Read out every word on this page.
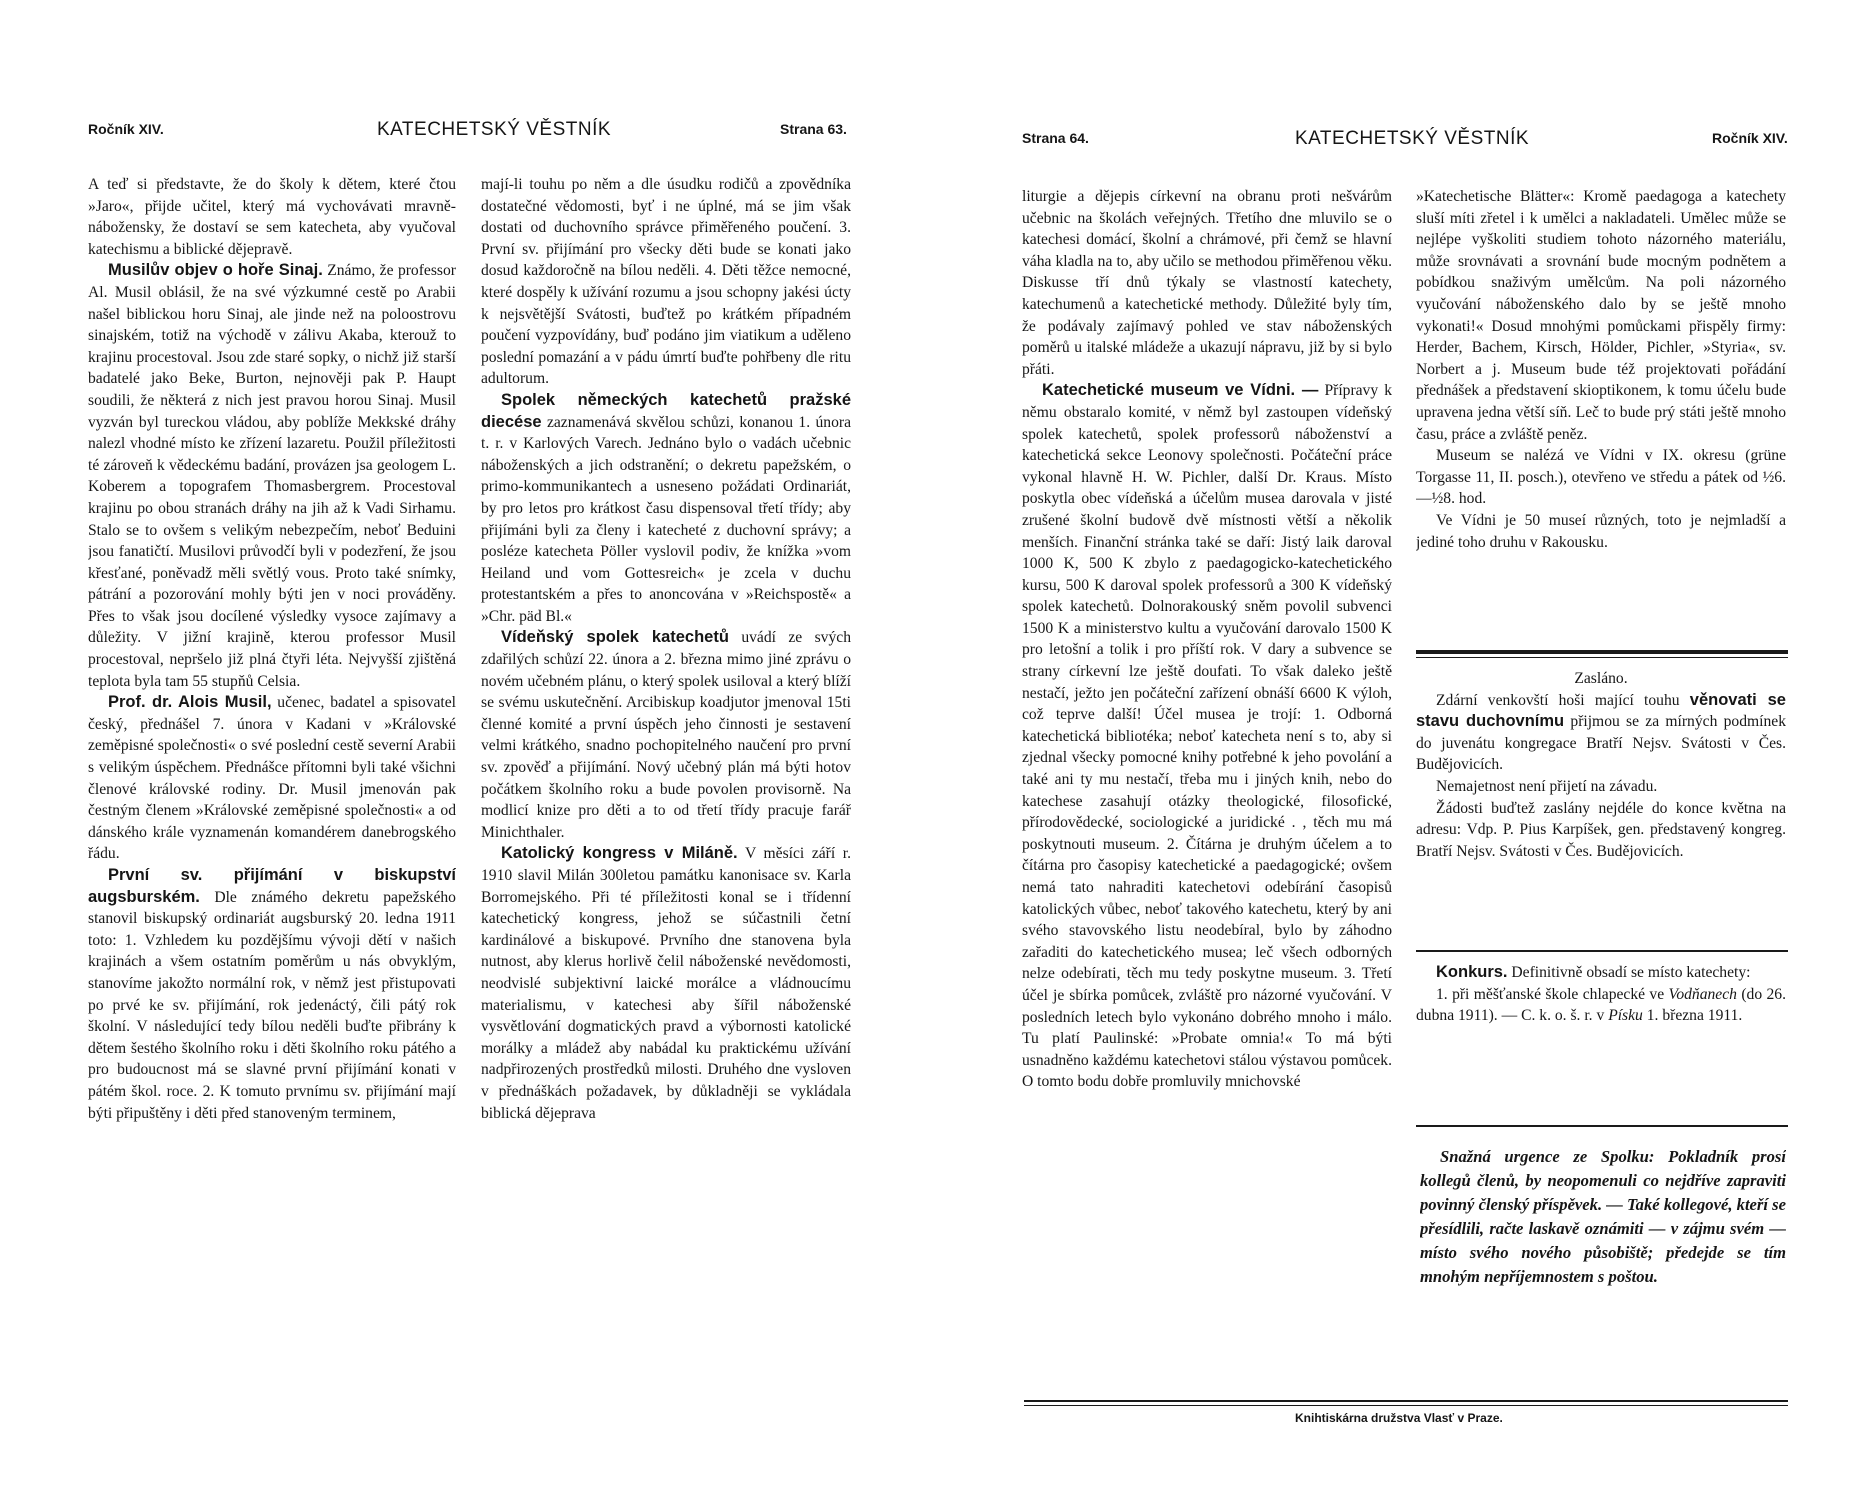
Ročník XIV.	KATECHETSKÝ VĚSTNÍK	Strana 63.

A teď si představte, že do školy k dětem, které čtou »Jaro«, přijde učitel, který má vychovávati mravně-nábožensky, že dostaví se sem katecheta, aby vyučoval katechismu a biblické dějepravě.

Musilův objev o hoře Sinaj. Známo, že professor Al. Musil oblásil, že na své výzkumné cestě po Arabii našel biblickou horu Sinaj, ale jinde než na poloostrovu sinajském, totiž na východě v zálivu Akaba, kterouž to krajinu procestoval. Jsou zde staré sopky, o nichž již starší badatelé jako Beke, Burton, nejnověji pak P. Haupt soudili, že některá z nich jest pravou horou Sinaj. Musil vyzván byl tureckou vládou, aby poblíže Mekkské dráhy nalezl vhodné místo ke zřízení lazaretu. Použil příležitosti té zároveň k vědeckému badání, provázen jsa geologem L. Koberem a topografem Thomasbergrem. Procestoval krajinu po obou stranách dráhy na jih až k Vadi Sirhamu. Stalo se to ovšem s velikým nebezpečím, neboť Beduini jsou fanatičtí. Musilovi průvodčí byli v podezření, že jsou křesťané, poněvadž měli světlý vous. Proto také snímky, pátrání a pozorování mohly býti jen v noci prováděny. Přes to však jsou docílené výsledky vysoce zajímavy a důležity. V jižní krajině, kterou professor Musil procestoval, nepršelo již plná čtyři léta. Nejvyšší zjištěná teplota byla tam 55 stupňů Celsia.

Prof. dr. Alois Musil, učenec, badatel a spisovatel český, přednášel 7. února v Kadani v »Královské zeměpisné společnosti« o své poslední cestě severní Arabii s velikým úspěchem. Přednášce přítomni byli také všichni členové královské rodiny. Dr. Musil jmenován pak čestným členem »Královské zeměpisné společnosti« a od dánského krále vyznamenán komandérem danebrogského řádu.

První sv. přijímání v biskupství augsburském. Dle známého dekretu papežského stanovil biskupský ordinariát augsburský 20. ledna 1911 toto: 1. Vzhledem ku pozdějšímu vývoji dětí v našich krajinách a všem ostatním poměrům u nás obvyklým, stanovíme jakožto normální rok, v němž jest přistupovati po prvé ke sv. přijímání, rok jedenáctý, čili pátý rok školní. V následující tedy bílou neděli buďte přibrány k dětem šestého školního roku i děti školního roku pátého a pro budoucnost má se slavné první přijímání konati v pátém škol. roce. 2. K tomuto prvnímu sv. přijímání mají býti připuštěny i děti před stanoveným terminem,

mají-li touhu po něm a dle úsudku rodičů a zpovědníka dostatečné vědomosti, byť i ne úplné, má se jim však dostati od duchovního správce přiměřeného poučení. 3. První sv. přijímání pro všecky děti bude se konati jako dosud každoročně na bílou neděli. 4. Děti těžce nemocné, které dospěly k užívání rozumu a jsou schopny jakési úcty k nejsvětější Svátosti, buďtež po krátkém případném poučení vyzpovídány, buď podáno jim viatikum a uděleno poslední pomazání a v pádu úmrtí buďte pohřbeny dle ritu adultorum.

Spolek německých katechetů pražské diecése zaznamenává skvělou schůzi, konanou 1. února t. r. v Karlových Varech. Jednáno bylo o vadách učebnic náboženských a jich odstranění; o dekretu papežském, o primo-kommunikantech a usneseno požádati Ordinariát, by pro letos pro krátkost času dispensoval třetí třídy; aby přijímáni byli za členy i katecheté z duchovní správy; a posléze katecheta Pöller vyslovil podiv, že knížka »vom Heiland und vom Gottesreich« je zcela v duchu protestantském a přes to anoncována v »Reichspostě« a »Chr. päd Bl.«

Vídeňský spolek katechetů uvádí ze svých zdařilých schůzí 22. února a 2. března mimo jiné zprávu o novém učebném plánu, o který spolek usiloval a který blíží se svému uskutečnění. Arcibiskup koadjutor jmenoval 15ti členné komité a první úspěch jeho činnosti je sestavení velmi krátkého, snadno pochopitelného naučení pro první sv. zpověď a přijímání. Nový učebný plán má býti hotov počátkem školního roku a bude povolen provisorně. Na modlicí knize pro děti a to od třetí třídy pracuje farář Minichthaler.

Katolický kongress v Miláně. V měsíci září r. 1910 slavil Milán 300letou památku kanonisace sv. Karla Borromejského. Při té příležitosti konal se i třídenní katechetický kongress, jehož se súčastnili četní kardinálové a biskupové. Prvního dne stanovena byla nutnost, aby klerus horlivě čelil náboženské nevědomosti, neodvislé subjektivní laické morálce a vládnoucímu materialismu, v katechesi aby šířil náboženské vysvětlování dogmatických pravd a výbornosti katolické morálky a mládež aby nabádal ku praktickému užívání nadpřirozených prostředků milosti. Druhého dne vysloven v přednáškách požadavek, by důkladněji se vykládala biblická dějeprava

Strana 64.	KATECHETSKÝ VĚSTNÍK	Ročník XIV.

liturgie a dějepis církevní na obranu proti nešvárům učebnic na školách veřejných. Třetího dne mluvilo se o katechesi domácí, školní a chrámové, při čemž se hlavní váha kladla na to, aby učilo se methodou přiměřenou věku. Diskusse tří dnů týkaly se vlastností katechety, katechumenů a katechetické methody. Důležité byly tím, že podávaly zajímavý pohled ve stav náboženských poměrů u italské mládeže a ukazují nápravu, již by si bylo přáti.

Katechetické museum ve Vídni. — Přípravy k němu obstaralo komité, v němž byl zastoupen vídeňský spolek katechetů, spolek professorů náboženství a katechetická sekce Leonovy společnosti. Počáteční práce vykonal hlavně H. W. Pichler, další Dr. Kraus. Místo poskytla obec vídeňská a účelům musea darovala v jisté zrušené školní budově dvě místnosti větší a několik menších. Finanční stránka také se daří: Jistý laik daroval 1000 K, 500 K zbylo z paedagogicko-katechetického kursu, 500 K daroval spolek professorů a 300 K vídeňský spolek katechetů. Dolnorakouský sněm povolil subvenci 1500 K a ministerstvo kultu a vyučování darovalo 1500 K pro letošní a tolik i pro příští rok. V dary a subvence se strany církevní lze ještě doufati. To však daleko ještě nestačí, ježto jen počáteční zařízení obnáší 6600 K výloh, což teprve další! Účel musea je trojí: 1. Odborná katechetická bibliotéka; neboť katecheta není s to, aby si zjednal všecky pomocné knihy potřebné k jeho povolání a také ani ty mu nestačí, třeba mu i jiných knih, nebo do katechese zasahují otázky theologické, filosofické, přírodovědecké, sociologické a juridické . , těch mu má poskytnouti museum. 2. Čítárna je druhým účelem a to čítárna pro časopisy katechetické a paedagogické; ovšem nemá tato nahraditi katechetovi odebírání časopisů katolických vůbec, neboť takového katechetu, který by ani svého stavovského listu neodebíral, bylo by záhodno zařaditi do katechetického musea; leč všech odborných nelze odebírati, těch mu tedy poskytne museum. 3. Třetí účel je sbírka pomůcek, zvláště pro názorné vyučování. V posledních letech bylo vykonáno dobrého mnoho i málo. Tu platí Paulinské: »Probate omnia!« To má býti usnadněno každému katechetovi stálou výstavou pomůcek. O tomto bodu dobře promluvily mnichovské

»Katechetische Blätter«: Kromě paedagoga a katechety sluší míti zřetel i k umělci a nakladateli. Umělec může se nejlépe vyškoliti studiem tohoto názorného materiálu, může srovnávati a srovnání bude mocným podnětem a pobídkou snaživým umělcům. Na poli názorného vyučování náboženského dalo by se ještě mnoho vykonati!« Dosud mnohými pomůckami přispěly firmy: Herder, Bachem, Kirsch, Hölder, Pichler, »Styria«, sv. Norbert a j. Museum bude též projektovati pořádání přednášek a představení skioptikonem, k tomu účelu bude upravena jedna větší síň. Leč to bude prý státi ještě mnoho času, práce a zvláště peněz.

Museum se nalézá ve Vídni v IX. okresu (grüne Torgasse 11, II. posch.), otevřeno ve středu a pátek od ½6.—½8. hod.

Ve Vídni je 50 museí různých, toto je nejmladší a jediné toho druhu v Rakousku.

Zasláno.

Zdární venkovští hoši mající touhu věnovati se stavu duchovnímu přijmou se za mírných podmínek do juvenátu kongregace Bratří Nejsv. Svátosti v Čes. Budějovicích.

Nemajetnost není přijetí na závadu.

Žádosti buďtež zaslány nejdéle do konce května na adresu: Vdp. P. Pius Karpíšek, gen. představený kongreg. Bratří Nejsv. Svátosti v Čes. Budějovicích.

Konkurs. Definitivně obsadí se místo katechety:

1. při měšťanské škole chlapecké ve Vodňanech (do 26. dubna 1911). — C. k. o. š. r. v Písku 1. března 1911.

Snažná urgence ze Spolku: Pokladník prosí kollegů členů, by neopomenuli co nejdříve zapraviti povinný členský příspěvek. — Také kollegové, kteří se přesídlili, račte laskavě oznámiti — v zájmu svém — místo svého nového působiště; předejde se tím mnohým nepříjemnostem s poštou.

Knihtiskárna družstva Vlasť v Praze.
